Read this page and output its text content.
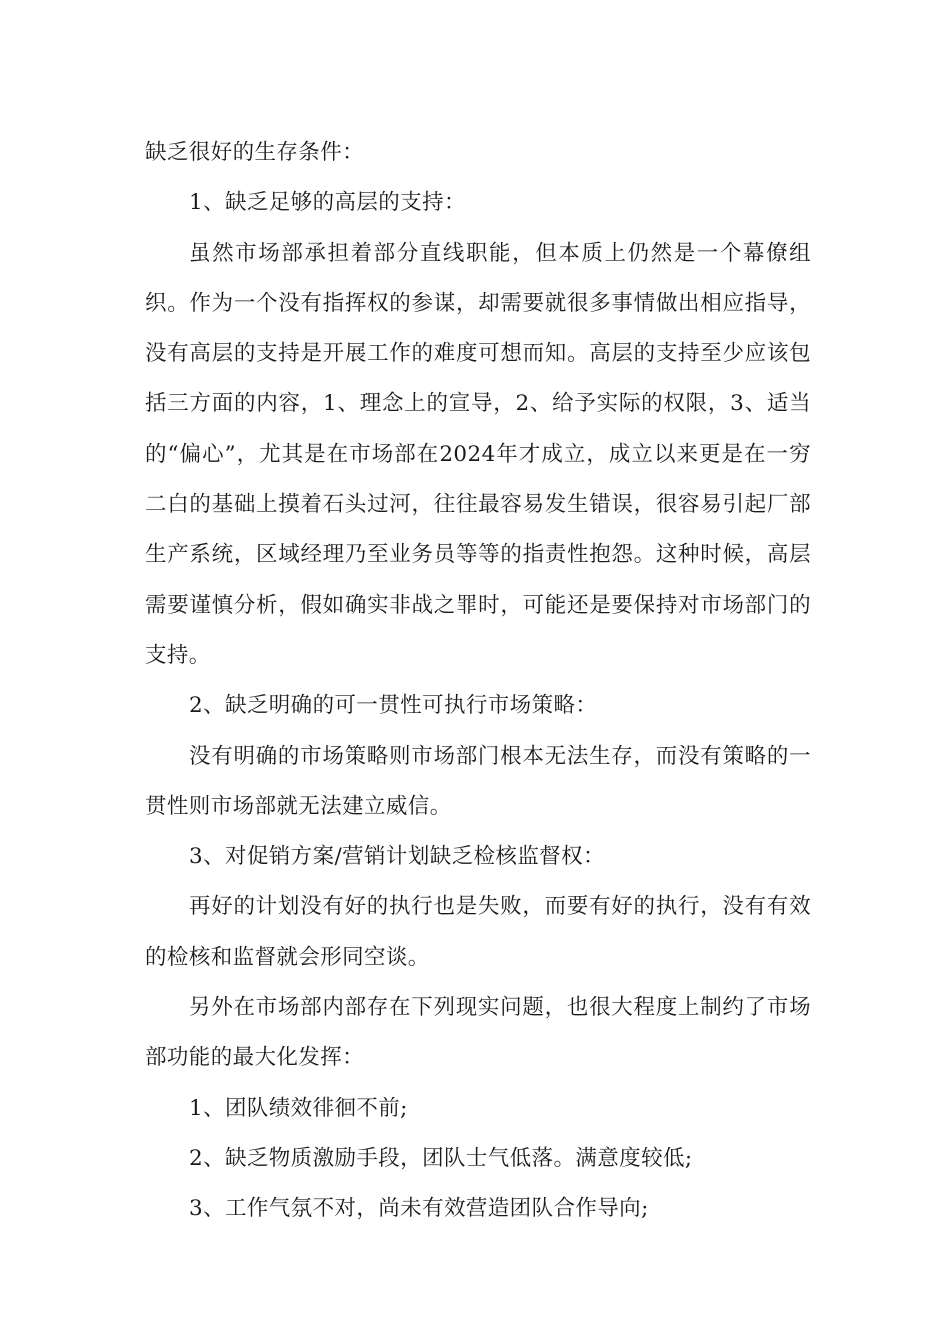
缺乏很好的生存条件：

1、缺乏足够的高层的支持：

虽然市场部承担着部分直线职能，但本质上仍然是一个幕僚组织。作为一个没有指挥权的参谋，却需要就很多事情做出相应指导，没有高层的支持是开展工作的难度可想而知。高层的支持至少应该包括三方面的内容，1、理念上的宣导，2、给予实际的权限，3、适当的“偏心”，尤其是在市场部在2024年才成立，成立以来更是在一穷二白的基础上摸着石头过河，往往最容易发生错误，很容易引起厂部生产系统，区域经理乃至业务员等等的指责性抱怨。这种时候，高层需要谨慎分析，假如确实非战之罪时，可能还是要保持对市场部门的支持。

2、缺乏明确的可一贯性可执行市场策略：

没有明确的市场策略则市场部门根本无法生存，而没有策略的一贯性则市场部就无法建立威信。

3、对促销方案/营销计划缺乏检核监督权：

再好的计划没有好的执行也是失败，而要有好的执行，没有有效的检核和监督就会形同空谈。

另外在市场部内部存在下列现实问题，也很大程度上制约了市场部功能的最大化发挥：

1、团队绩效徘徊不前;

2、缺乏物质激励手段，团队士气低落。满意度较低;

3、工作气氛不对，尚未有效营造团队合作导向;
